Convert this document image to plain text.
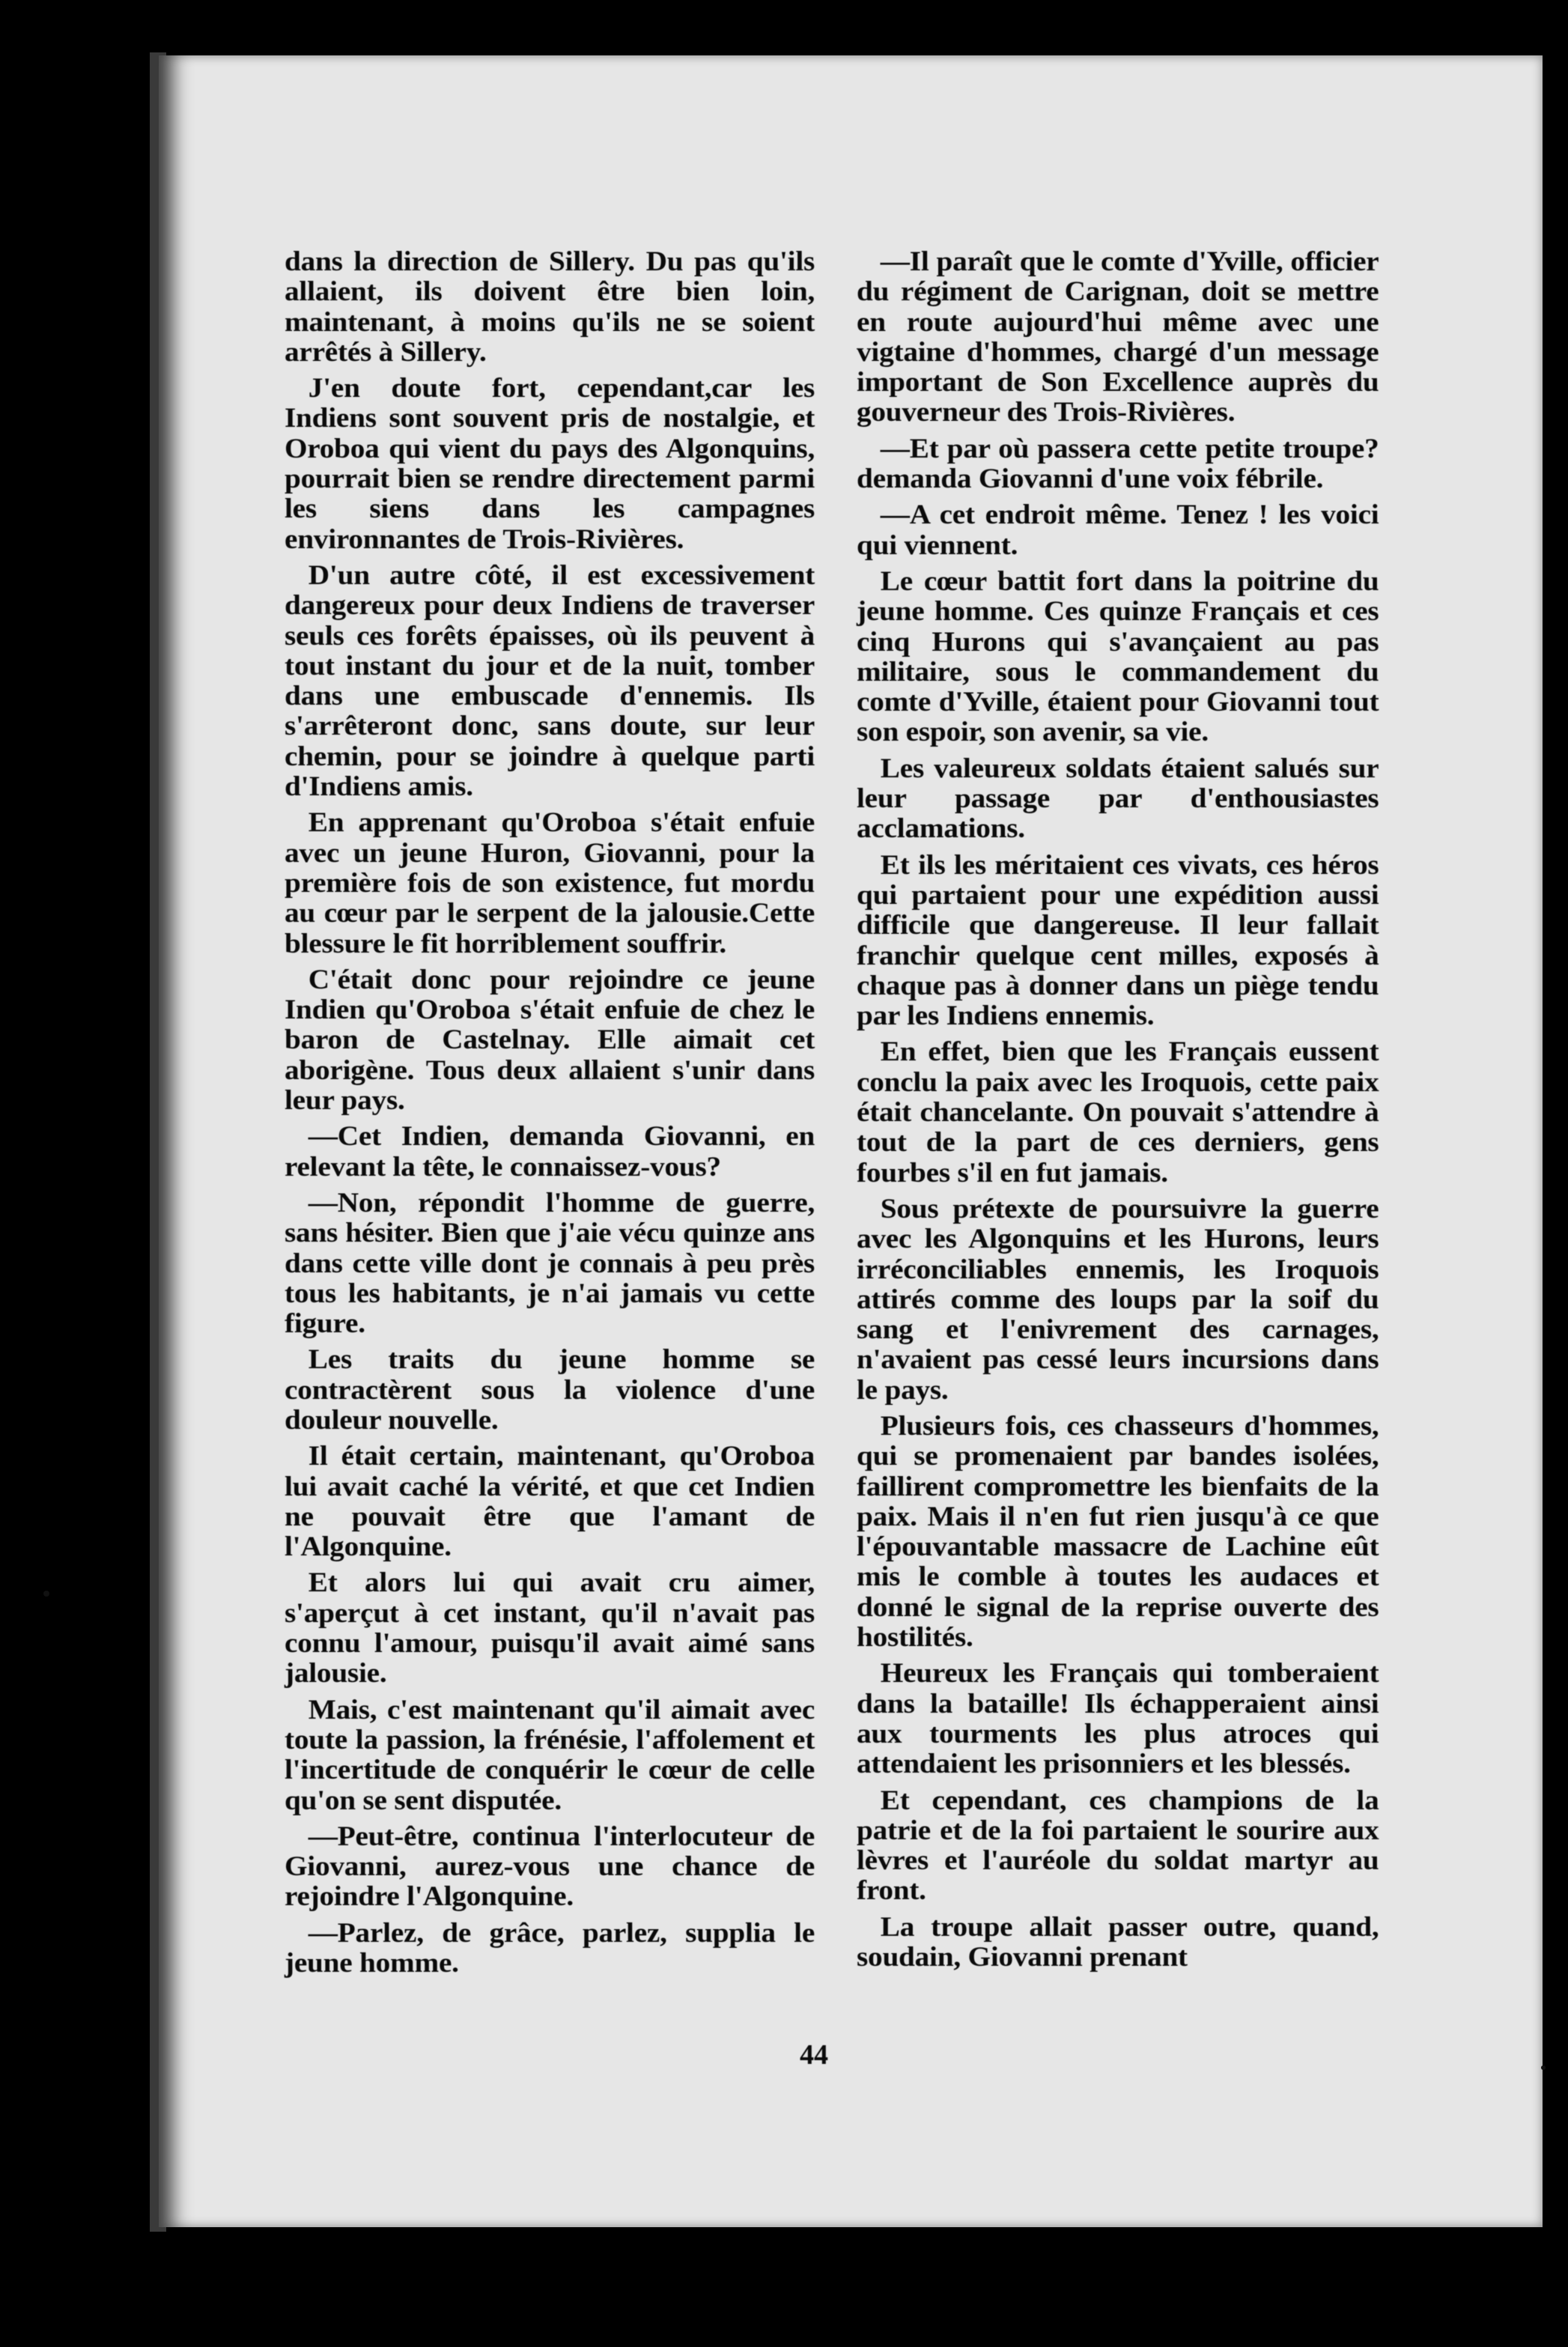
dans la direction de Sillery. Du pas qu'ils allaient, ils doivent être bien loin, maintenant, à moins qu'ils ne se soient arrêtés à Sillery.

J'en doute fort, cependant,car les Indiens sont souvent pris de nostalgie, et Oroboa qui vient du pays des Algonquins, pourrait bien se rendre directement parmi les siens dans les campagnes environnantes de Trois-Rivières.

D'un autre côté, il est excessivement dangereux pour deux Indiens de traverser seuls ces forêts épaisses, où ils peuvent à tout instant du jour et de la nuit, tomber dans une embuscade d'ennemis. Ils s'arrêteront donc, sans doute, sur leur chemin, pour se joindre à quelque parti d'Indiens amis.

En apprenant qu'Oroboa s'était enfuie avec un jeune Huron, Giovanni, pour la première fois de son existence, fut mordu au cœur par le serpent de la jalousie.Cette blessure le fit horriblement souffrir.

C'était donc pour rejoindre ce jeune Indien qu'Oroboa s'était enfuie de chez le baron de Castelnay. Elle aimait cet aborigène. Tous deux allaient s'unir dans leur pays.

—Cet Indien, demanda Giovanni, en relevant la tête, le connaissez-vous?

—Non, répondit l'homme de guerre, sans hésiter. Bien que j'aie vécu quinze ans dans cette ville dont je connais à peu près tous les habitants, je n'ai jamais vu cette figure.

Les traits du jeune homme se contractèrent sous la violence d'une douleur nouvelle.

Il était certain, maintenant, qu'Oroboa lui avait caché la vérité, et que cet Indien ne pouvait être que l'amant de l'Algonquine.

Et alors lui qui avait cru aimer, s'aperçut à cet instant, qu'il n'avait pas connu l'amour, puisqu'il avait aimé sans jalousie.

Mais, c'est maintenant qu'il aimait avec toute la passion, la frénésie, l'affolement et l'incertitude de conquérir le cœur de celle qu'on se sent disputée.

—Peut-être, continua l'interlocuteur de Giovanni, aurez-vous une chance de rejoindre l'Algonquine.

—Parlez, de grâce, parlez, supplia le jeune homme.

—Il paraît que le comte d'Yville, officier du régiment de Carignan, doit se mettre en route aujourd'hui même avec une vigtaine d'hommes, chargé d'un message important de Son Excellence auprès du gouverneur des Trois-Rivières.

—Et par où passera cette petite troupe? demanda Giovanni d'une voix fébrile.

—A cet endroit même. Tenez ! les voici qui viennent.

Le cœur battit fort dans la poitrine du jeune homme. Ces quinze Français et ces cinq Hurons qui s'avançaient au pas militaire, sous le commandement du comte d'Yville, étaient pour Giovanni tout son espoir, son avenir, sa vie.

Les valeureux soldats étaient salués sur leur passage par d'enthousiastes acclamations.

Et ils les méritaient ces vivats, ces héros qui partaient pour une expédition aussi difficile que dangereuse. Il leur fallait franchir quelque cent milles, exposés à chaque pas à donner dans un piège tendu par les Indiens ennemis.

En effet, bien que les Français eussent conclu la paix avec les Iroquois, cette paix était chancelante. On pouvait s'attendre à tout de la part de ces derniers, gens fourbes s'il en fut jamais.

Sous prétexte de poursuivre la guerre avec les Algonquins et les Hurons, leurs irréconciliables ennemis, les Iroquois attirés comme des loups par la soif du sang et l'enivrement des carnages, n'avaient pas cessé leurs incursions dans le pays.

Plusieurs fois, ces chasseurs d'hommes, qui se promenaient par bandes isolées, faillirent compromettre les bienfaits de la paix. Mais il n'en fut rien jusqu'à ce que l'épouvantable massacre de Lachine eût mis le comble à toutes les audaces et donné le signal de la reprise ouverte des hostilités.

Heureux les Français qui tomberaient dans la bataille! Ils échapperaient ainsi aux tourments les plus atroces qui attendaient les prisonniers et les blessés.

Et cependant, ces champions de la patrie et de la foi partaient le sourire aux lèvres et l'auréole du soldat martyr au front.

La troupe allait passer outre, quand, soudain, Giovanni prenant

44
